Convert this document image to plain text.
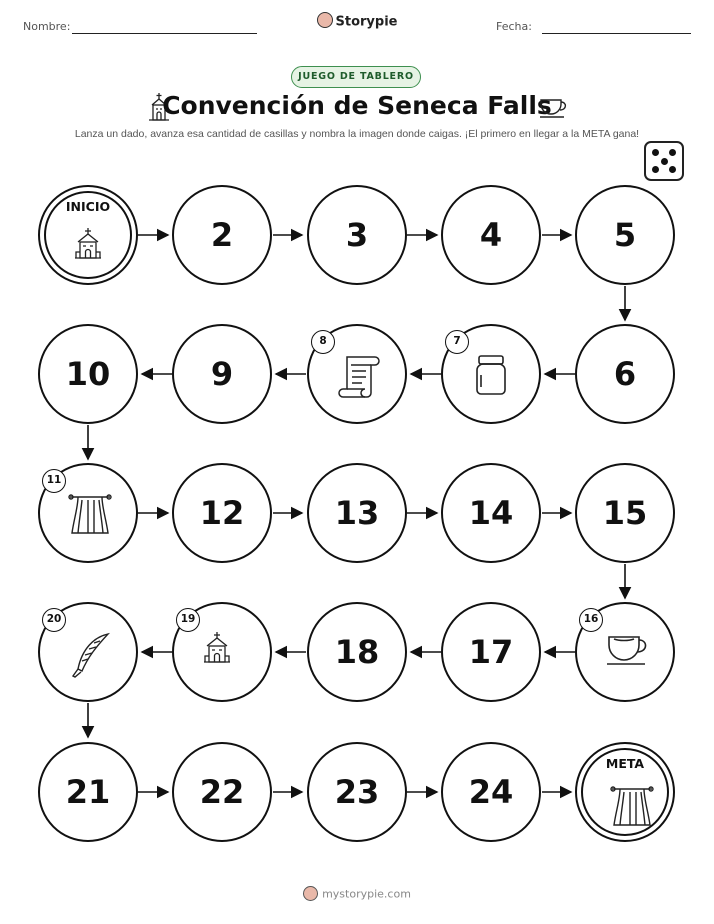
Nombre:	Storypie	Fecha:
JUEGO DE TABLERO
Convención de Seneca Falls
Lanza un dado, avanza esa cantidad de casillas y nombra la imagen donde caigas. ¡El primero en llegar a la META gana!
INICIO
2	3	4	5
6
7
8
9
10
11
12	13	14	15
16
17
18
19
20
21	22	23	24
META
mystorypie.com
